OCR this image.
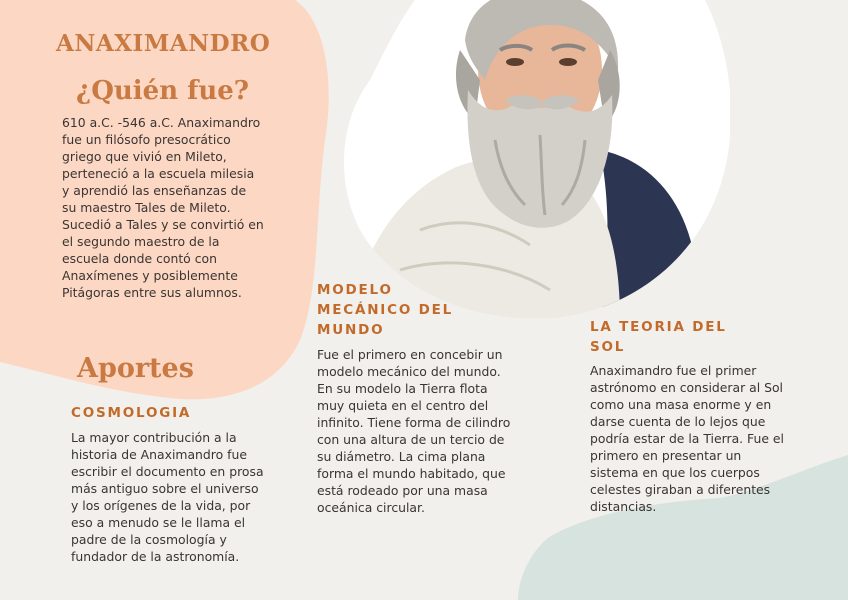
ANAXIMANDRO
¿Quién fue?

610 a.C. -546 a.C. Anaximandro fue un filósofo presocrático griego que vivió en Mileto, perteneció a la escuela milesia y aprendió las enseñanzas de su maestro Tales de Mileto. Sucedió a Tales y se convirtió en el segundo maestro de la escuela donde contó con Anaxímenes y posiblemente Pitágoras entre sus alumnos.

Aportes
COSMOLOGIA

La mayor contribución a la historia de Anaximandro fue escribir el documento en prosa más antiguo sobre el universo y los orígenes de la vida, por eso a menudo se le llama el padre de la cosmología y fundador de la astronomía.

MODELO MECÁNICO DEL MUNDO

Fue el primero en concebir un modelo mecánico del mundo. En su modelo la Tierra flota muy quieta en el centro del infinito. Tiene forma de cilindro con una altura de un tercio de su diámetro. La cima plana forma el mundo habitado, que está rodeado por una masa oceánica circular.

LA TEORIA DEL SOL

Anaximandro fue el primer astrónomo en considerar al Sol como una masa enorme y en darse cuenta de lo lejos que podría estar de la Tierra. Fue el primero en presentar un sistema en que los cuerpos celestes giraban a diferentes distancias.
